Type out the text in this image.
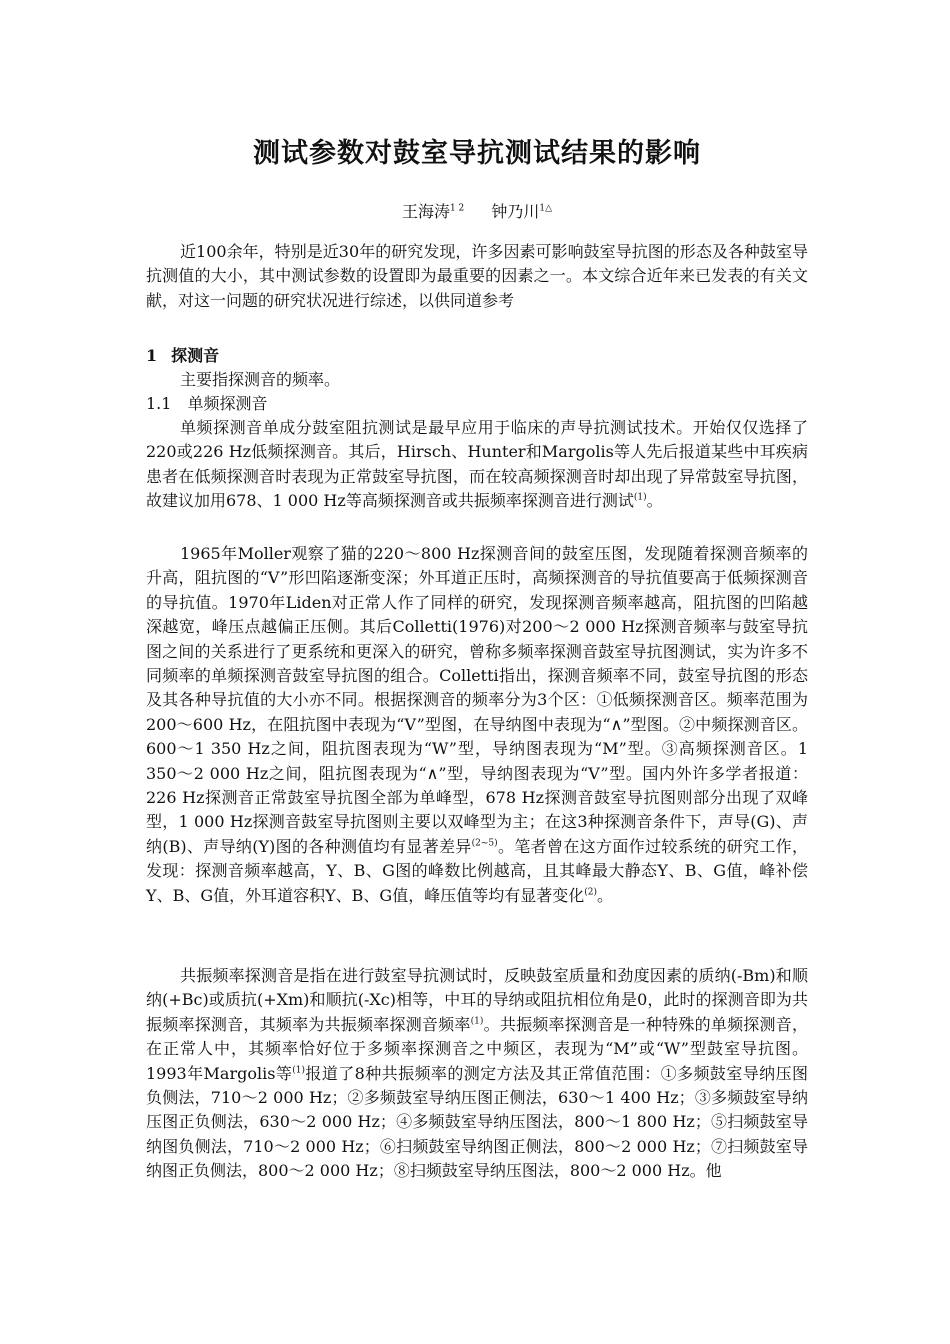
测试参数对鼓室导抗测试结果的影响
王海涛$^{1 2}$ 钟乃川$^{1\triangle}$

近100余年，特别是近30年的研究发现，许多因素可影响鼓室导抗图的形态及各种鼓室导抗测值的大小，其中测试参数的设置即为最重要的因素之一。本文综合近年来已发表的有关文献，对这一问题的研究状况进行综述，以供同道参考

1 探测音
主要指探测音的频率。
1.1 单频探测音

单频探测音单成分鼓室阻抗测试是最早应用于临床的声导抗测试技术。开始仅仅选择了220或226 Hz低频探测音。其后，Hirsch、Hunter和Margolis等人先后报道某些中耳疾病患者在低频探测音时表现为正常鼓室导抗图，而在较高频探测音时却出现了异常鼓室导抗图，故建议加用678、1 000 Hz等高频探测音或共振频率探测音进行测试$^{(1)}$。

1965年Moller观察了猫的220～800 Hz探测音间的鼓室压图，发现随着探测音频率的升高，阻抗图的“V”形凹陷逐渐变深；外耳道正压时，高频探测音的导抗值要高于低频探测音的导抗值。1970年Liden对正常人作了同样的研究，发现探测音频率越高，阻抗图的凹陷越深越宽，峰压点越偏正压侧。其后Colletti(1976)对200～2 000 Hz探测音频率与鼓室导抗图之间的关系进行了更系统和更深入的研究，曾称多频率探测音鼓室导抗图测试，实为许多不同频率的单频探测音鼓室导抗图的组合。Colletti指出，探测音频率不同，鼓室导抗图的形态及其各种导抗值的大小亦不同。根据探测音的频率分为3个区：①低频探测音区。频率范围为200～600 Hz，在阻抗图中表现为“V”型图，在导纳图中表现为“∧”型图。②中频探测音区。600～1 350 Hz之间，阻抗图表现为“W”型，导纳图表现为“M”型。③高频探测音区。1 350～2 000 Hz之间，阻抗图表现为“∧”型，导纳图表现为“V”型。国内外许多学者报道：226 Hz探测音正常鼓室导抗图全部为单峰型，678 Hz探测音鼓室导抗图则部分出现了双峰型，1 000 Hz探测音鼓室导抗图则主要以双峰型为主；在这3种探测音条件下，声导(G)、声纳(B)、声导纳(Y)图的各种测值均有显著差异$^{(2\sim 5)}$。笔者曾在这方面作过较系统的研究工作，发现：探测音频率越高，Y、B、G图的峰数比例越高，且其峰最大静态Y、B、G值，峰补偿Y、B、G值，外耳道容积Y、B、G值，峰压值等均有显著变化$^{(2)}$。

共振频率探测音是指在进行鼓室导抗测试时，反映鼓室质量和劲度因素的质纳(-Bm)和顺纳(+Bc)或质抗(+Xm)和顺抗(-Xc)相等，中耳的导纳或阻抗相位角是0，此时的探测音即为共振频率探测音，其频率为共振频率探测音频率$^{(1)}$。共振频率探测音是一种特殊的单频探测音，在正常人中，其频率恰好位于多频率探测音之中频区，表现为“M”或“W”型鼓室导抗图。1993年Margolis等$^{(1)}$报道了8种共振频率的测定方法及其正常值范围：①多频鼓室导纳压图负侧法，710～2 000 Hz；②多频鼓室导纳压图正侧法，630～1 400 Hz；③多频鼓室导纳压图正负侧法，630～2 000 Hz；④多频鼓室导纳压图法，800～1 800 Hz；⑤扫频鼓室导纳图负侧法，710～2 000 Hz；⑥扫频鼓室导纳图正侧法，800～2 000 Hz；⑦扫频鼓室导纳图正负侧法，800～2 000 Hz；⑧扫频鼓室导纳压图法，800～2 000 Hz。他
